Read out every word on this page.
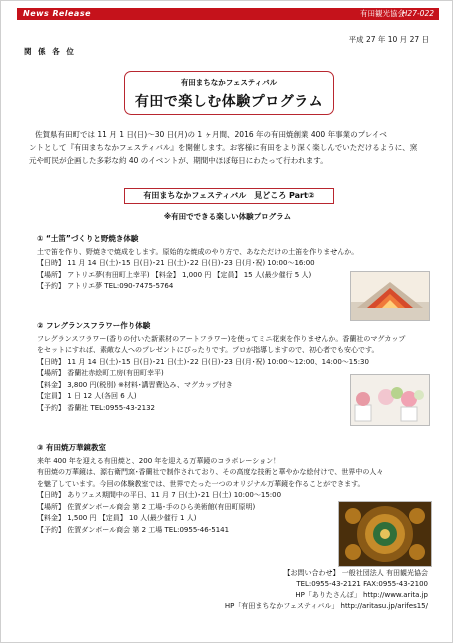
News Release	有田観光協会
H27-022
平成 27 年 10 月 27 日
関 係 各 位
有田まちなかフェスティバル
有田で楽しむ体験プログラム

佐賀県有田町では 11 月 1 日(日)～30 日(月)の 1 ヶ月間、2016 年の有田焼創業 400 年事業のプレイベ

ントとして『有田まちなかフェスティバル』を開催します。お客様に有田をより深く楽しんでいただけるように、窯

元や町民が企画した多彩な約 40 のイベントが、期間中ほぼ毎日にわたって行われます。

有田まちなかフェスティバル　見どころ Part②
※有田でできる楽しい体験プログラム
① “土笛”づくりと野焼き体験
土で笛を作り、野焼きで焼成をします。原始的な焼成のやり方で、あなただけの土笛を作りませんか。
【日時】 11 月 14 日(土)･15 日(日)･21 日(土)･22 日(日)･23 日(月･祝) 10:00～16:00
【場所】 アトリエ夢(有田町上幸平) 【料金】 1,000 円 【定員】 15 人(最少催行 5 人)
【予約】 アトリエ夢 TEL:090-7475-5764
② フレグランスフラワー作り体験
フレグランスフラワー(香りの付いた新素材のアートフラワー)を使ってミニ花束を作りませんか。香蘭社のマグカップ
をセットにすれば、素敵な人へのプレゼントにぴったりです。プロが指導しますので、初心者でも安心です。
【日時】 11 月 14 日(土)･15 日(日)･21 日(土)･22 日(日)･23 日(月･祝) 10:00～12:00、14:00～15:30
【場所】 香蘭社赤絵町工房(有田町幸平)
【料金】 3,800 円(税別) ※材料･講習費込み、マグカップ付き
【定員】 1 日 12 人(各回 6 人)
【予約】 香蘭社 TEL:0955-43-2132
③ 有田焼万華鏡教室
来年 400 年を迎える有田焼と、200 年を迎える万華鏡のコラボレーション！
有田焼の万華鏡は、源右衛門窯･香蘭社で制作されており、その高度な技術と華やかな絵付けで、世界中の人々
を魅了しています。今回の体験教室では、世界でたった一つのオリジナル万華鏡を作ることができます。
【日時】 ありフェス期間中の平日、11 月 7 日(土)･21 日(土) 10:00～15:00
【場所】 佐賀ダンボール商会 第 2 工場･手のひら美術館(有田町原明)
【料金】 1,500 円 【定員】 10 人(最少催行 1 人)
【予約】 佐賀ダンボール商会 第 2 工場 TEL:0955-46-5141
【お問い合わせ】 一般社団法人 有田観光協会
TEL:0955-43-2121 FAX:0955-43-2100
HP「ありたさんぽ」 http://www.arita.jp
HP「有田まちなかフェスティバル」 http://aritasu.jp/arifes15/
